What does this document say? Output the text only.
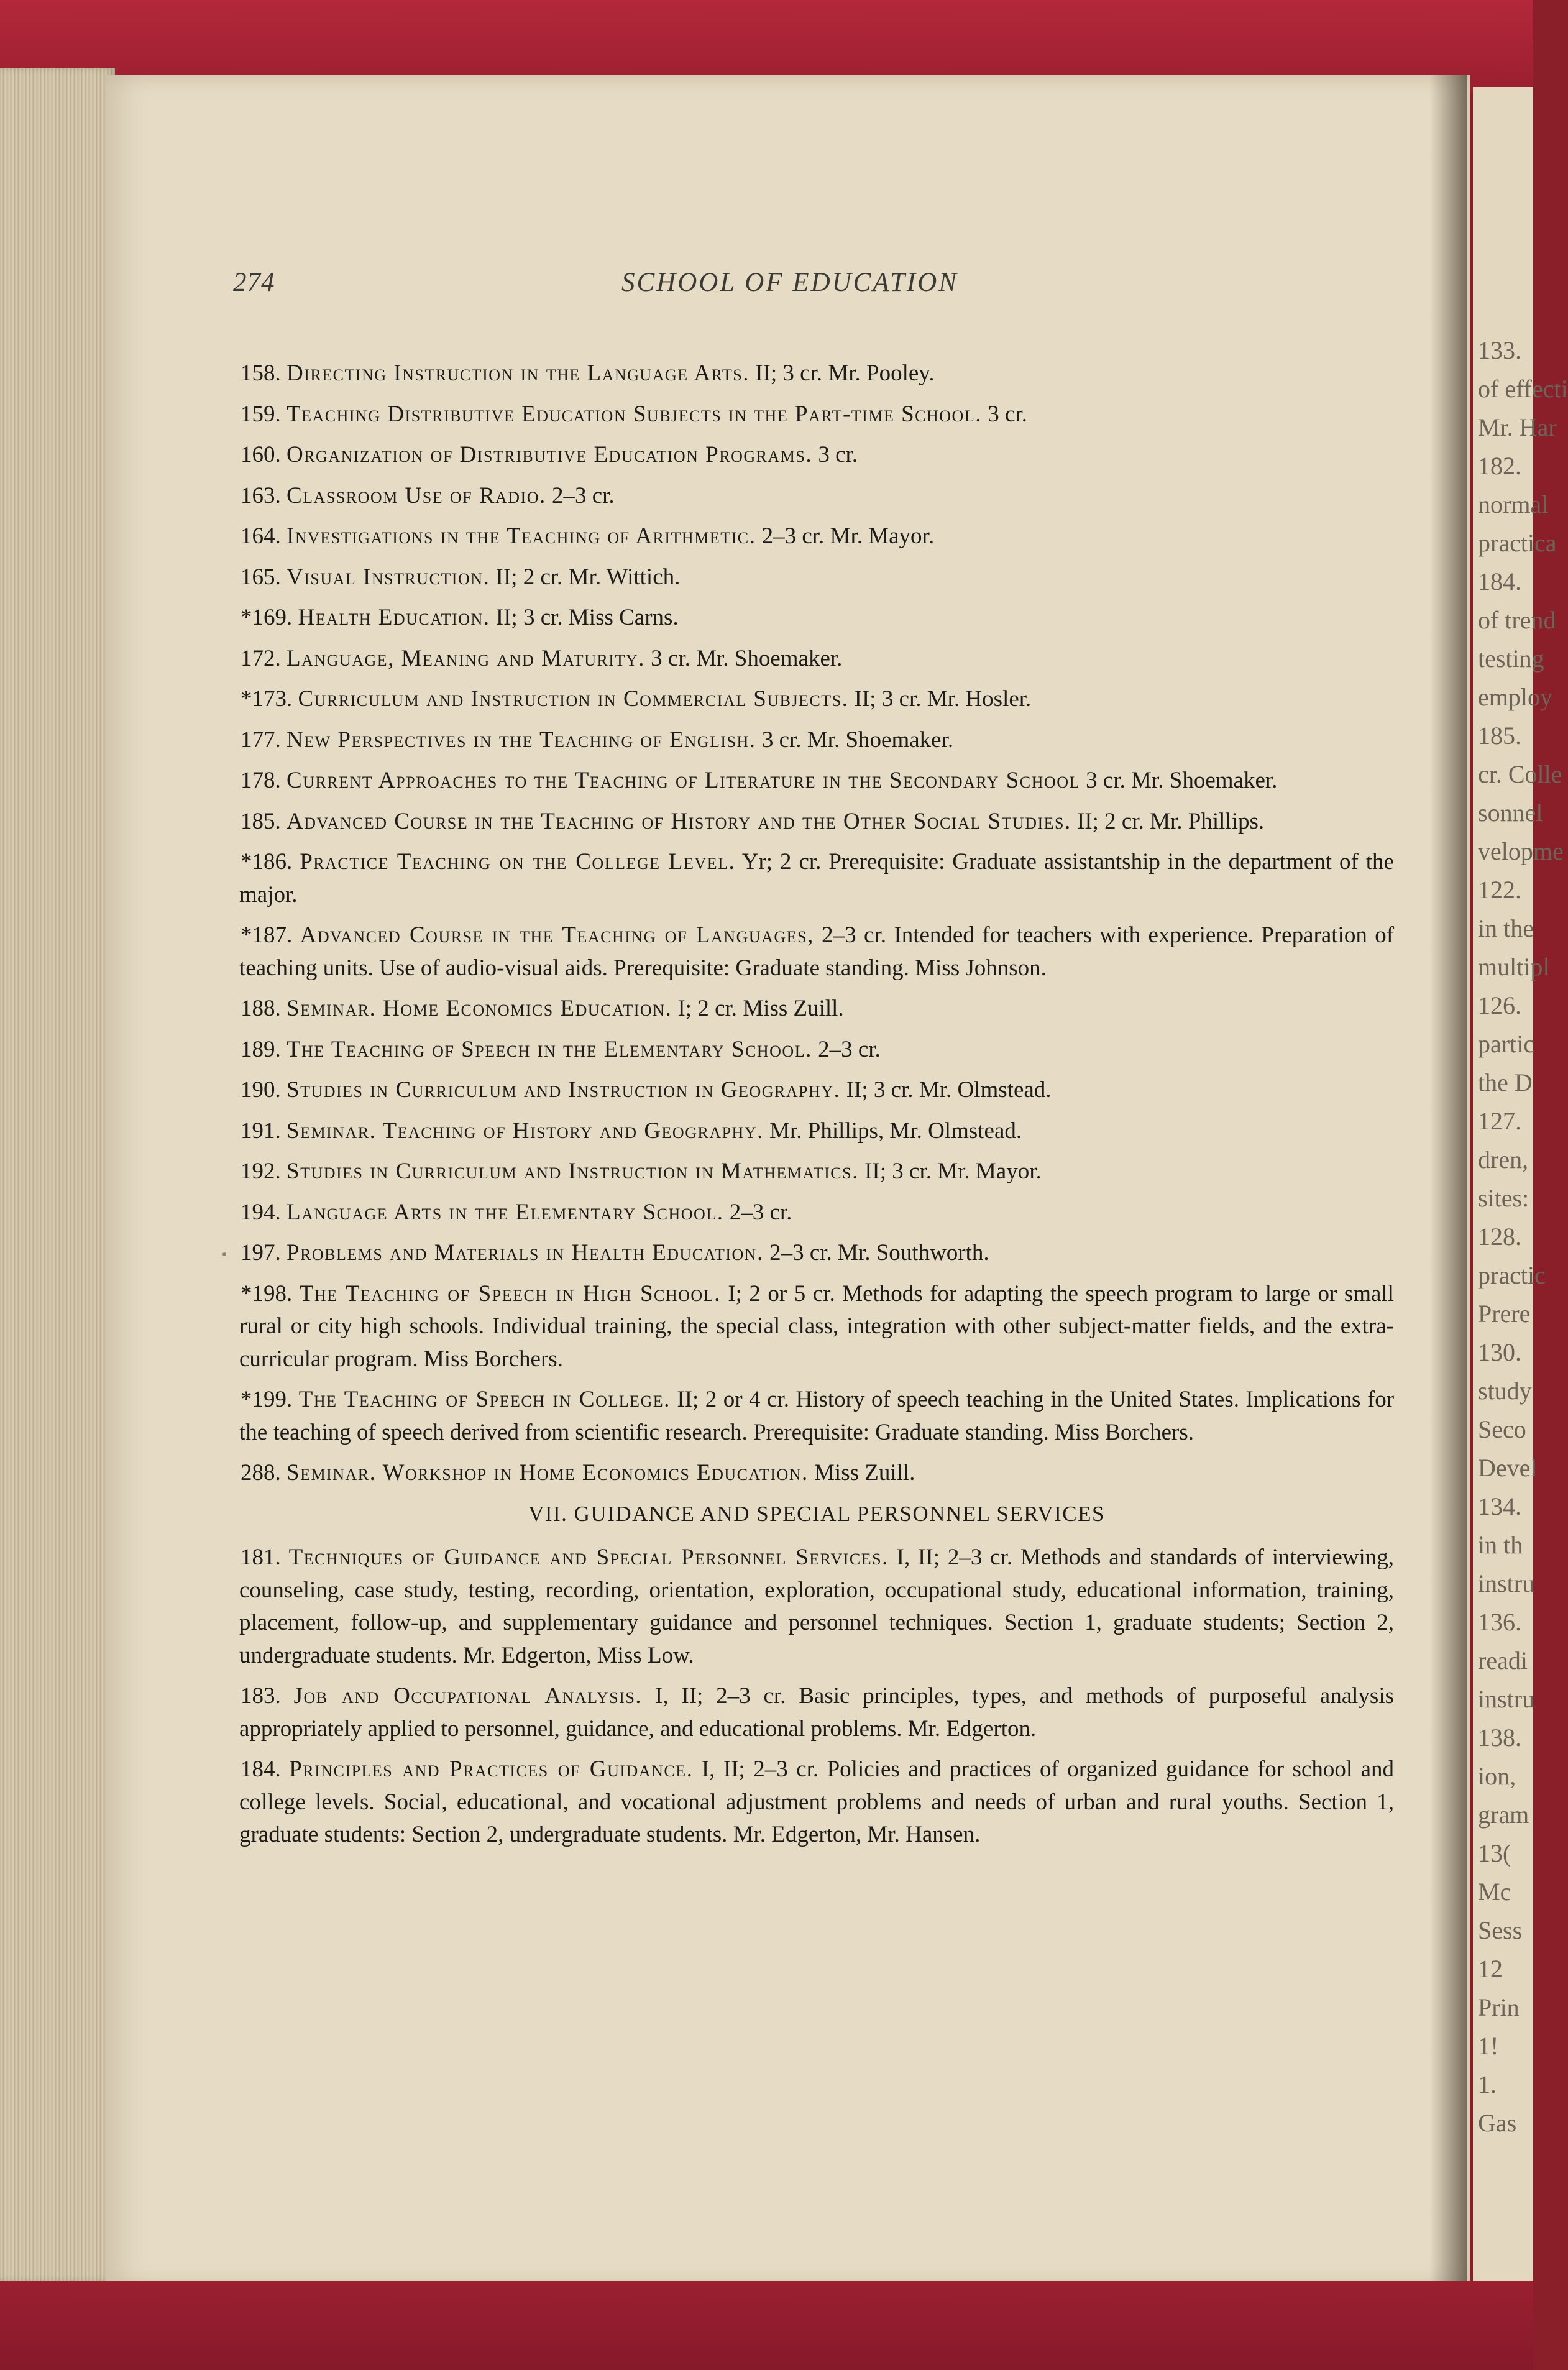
133.
of effecti
Mr. Har
182.
normal
practica
184.
of trend
testing
employ
185.
cr. Colle
sonnel
velopme
122.
in the
multipl
126.
partic
the D
127.
dren,
sites:
128.
practic
Prere
130.
study
Seco
Devel
134.
in th
instru
136.
readi
instru
138.
ion,
gram
13(
Mc
Sess
12
Prin
1!
1.
Gas
274	SCHOOL OF EDUCATION

158. Directing Instruction in the Language Arts. II; 3 cr. Mr. Pooley.

159. Teaching Distributive Education Subjects in the Part-time School. 3 cr.

160. Organization of Distributive Education Programs. 3 cr.

163. Classroom Use of Radio. 2–3 cr.

164. Investigations in the Teaching of Arithmetic. 2–3 cr. Mr. Mayor.

165. Visual Instruction. II; 2 cr. Mr. Wittich.

*169. Health Education. II; 3 cr. Miss Carns.

172. Language, Meaning and Maturity. 3 cr. Mr. Shoemaker.

*173. Curriculum and Instruction in Commercial Subjects. II; 3 cr. Mr. Hosler.

177. New Perspectives in the Teaching of English. 3 cr. Mr. Shoemaker.

178. Current Approaches to the Teaching of Literature in the Secondary School 3 cr. Mr. Shoemaker.

185. Advanced Course in the Teaching of History and the Other Social Studies. II; 2 cr. Mr. Phillips.

*186. Practice Teaching on the College Level. Yr; 2 cr. Prerequisite: Graduate assistantship in the department of the major.

*187. Advanced Course in the Teaching of Languages, 2–3 cr. Intended for teachers with experience. Preparation of teaching units. Use of audio-visual aids. Prerequisite: Graduate standing. Miss Johnson.

188. Seminar. Home Economics Education. I; 2 cr. Miss Zuill.

189. The Teaching of Speech in the Elementary School. 2–3 cr.

190. Studies in Curriculum and Instruction in Geography. II; 3 cr. Mr. Olmstead.

191. Seminar. Teaching of History and Geography. Mr. Phillips, Mr. Olmstead.

192. Studies in Curriculum and Instruction in Mathematics. II; 3 cr. Mr. Mayor.

194. Language Arts in the Elementary School. 2–3 cr.

197. Problems and Materials in Health Education. 2–3 cr. Mr. Southworth.

*198. The Teaching of Speech in High School. I; 2 or 5 cr. Methods for adapting the speech program to large or small rural or city high schools. Individual training, the special class, integration with other subject-matter fields, and the extra-curricular program. Miss Borchers.

*199. The Teaching of Speech in College. II; 2 or 4 cr. History of speech teaching in the United States. Implications for the teaching of speech derived from scientific research. Prerequisite: Graduate standing. Miss Borchers.

288. Seminar. Workshop in Home Economics Education. Miss Zuill.

VII. GUIDANCE AND SPECIAL PERSONNEL SERVICES

181. Techniques of Guidance and Special Personnel Services. I, II; 2–3 cr. Methods and standards of interviewing, counseling, case study, testing, recording, orientation, exploration, occupational study, educational information, training, placement, follow-up, and supplementary guidance and personnel techniques. Section 1, graduate students; Section 2, undergraduate students. Mr. Edgerton, Miss Low.

183. Job and Occupational Analysis. I, II; 2–3 cr. Basic principles, types, and methods of purposeful analysis appropriately applied to personnel, guidance, and educational problems. Mr. Edgerton.

184. Principles and Practices of Guidance. I, II; 2–3 cr. Policies and practices of organized guidance for school and college levels. Social, educational, and vocational adjustment problems and needs of urban and rural youths. Section 1, graduate students: Section 2, undergraduate students. Mr. Edgerton, Mr. Hansen.
